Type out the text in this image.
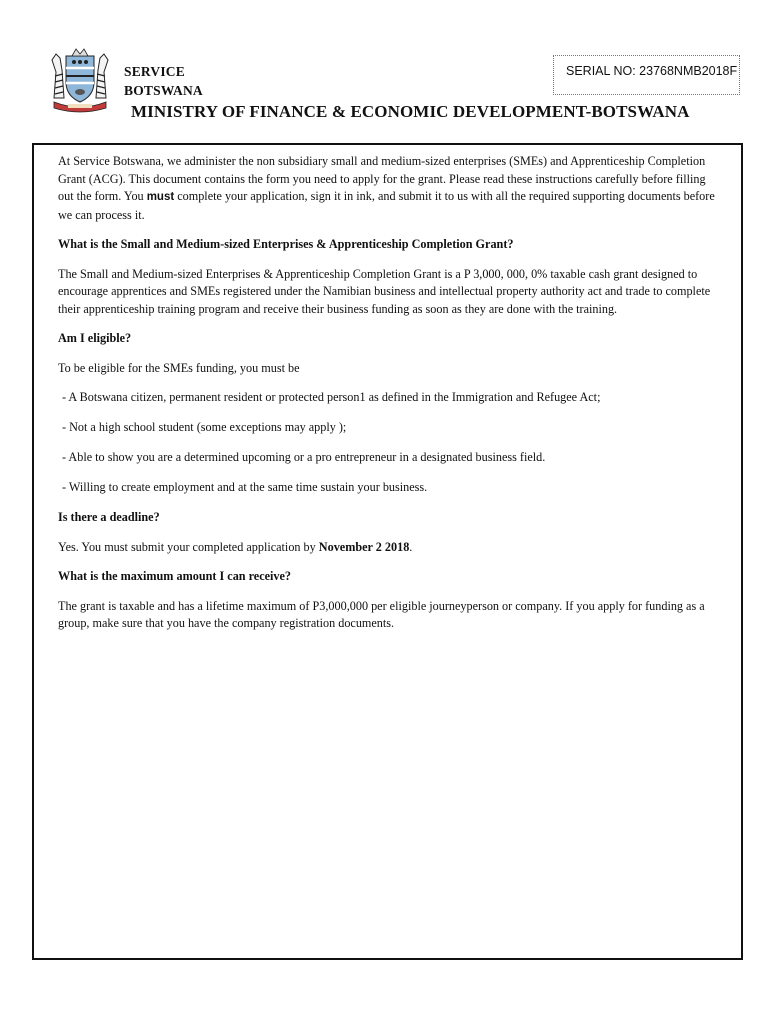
SERVICE
BOTSWANA
SERIAL NO: 23768NMB2018F
MINISTRY OF FINANCE & ECONOMIC DEVELOPMENT-BOTSWANA

At Service Botswana, we administer the non subsidiary small and medium-sized enterprises (SMEs) and Apprenticeship Completion Grant (ACG). This document contains the form you need to apply for the grant. Please read these instructions carefully before filling out the form. You must complete your application, sign it in ink, and submit it to us with all the required supporting documents before we can process it.

What is the Small and Medium-sized Enterprises & Apprenticeship Completion Grant?

The Small and Medium-sized Enterprises & Apprenticeship Completion Grant is a P 3,000, 000, 0% taxable cash grant designed to encourage apprentices and SMEs registered under the Namibian business and intellectual property authority act and trade to complete their apprenticeship training program and receive their business funding as soon as they are done with the training.

Am I eligible?

To be eligible for the SMEs funding, you must be

- A Botswana citizen, permanent resident or protected person1 as defined in the Immigration and Refugee Act;

- Not a high school student (some exceptions may apply );

- Able to show you are a determined upcoming or a pro entrepreneur in a designated business field.

- Willing to create employment and at the same time sustain your business.

Is there a deadline?

Yes. You must submit your completed application by November 2 2018.

What is the maximum amount I can receive?

The grant is taxable and has a lifetime maximum of P3,000,000 per eligible journeyperson or company. If you apply for funding as a group, make sure that you have the company registration documents.
